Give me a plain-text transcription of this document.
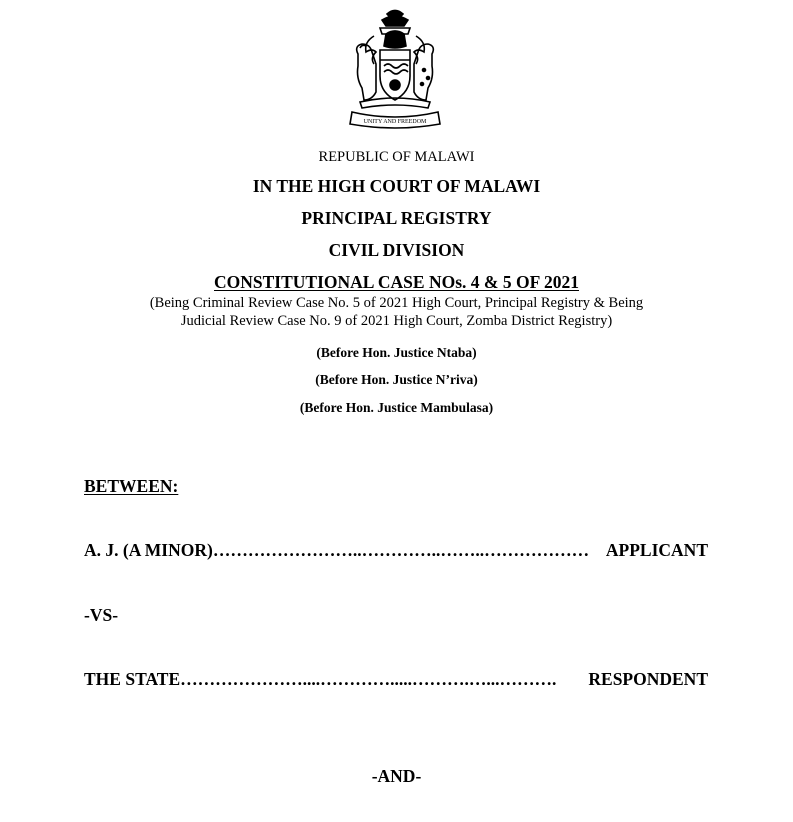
UNITY AND FREEDOM
REPUBLIC OF MALAWI
IN THE HIGH COURT OF MALAWI
PRINCIPAL REGISTRY
CIVIL DIVISION
CONSTITUTIONAL CASE NOs. 4 & 5 OF 2021
(Being Criminal Review Case No. 5 of 2021 High Court, Principal Registry & Being
Judicial Review Case No. 9 of 2021 High Court, Zomba District Registry)
(Before Hon. Justice Ntaba)
(Before Hon. Justice N’riva)
(Before Hon. Justice Mambulasa)
BETWEEN:
A. J. (A MINOR) ……………………..…………..……..……………… APPLICANT
-VS-
THE STATE …………………....………….....……….…...……….	RESPONDENT
-AND-
